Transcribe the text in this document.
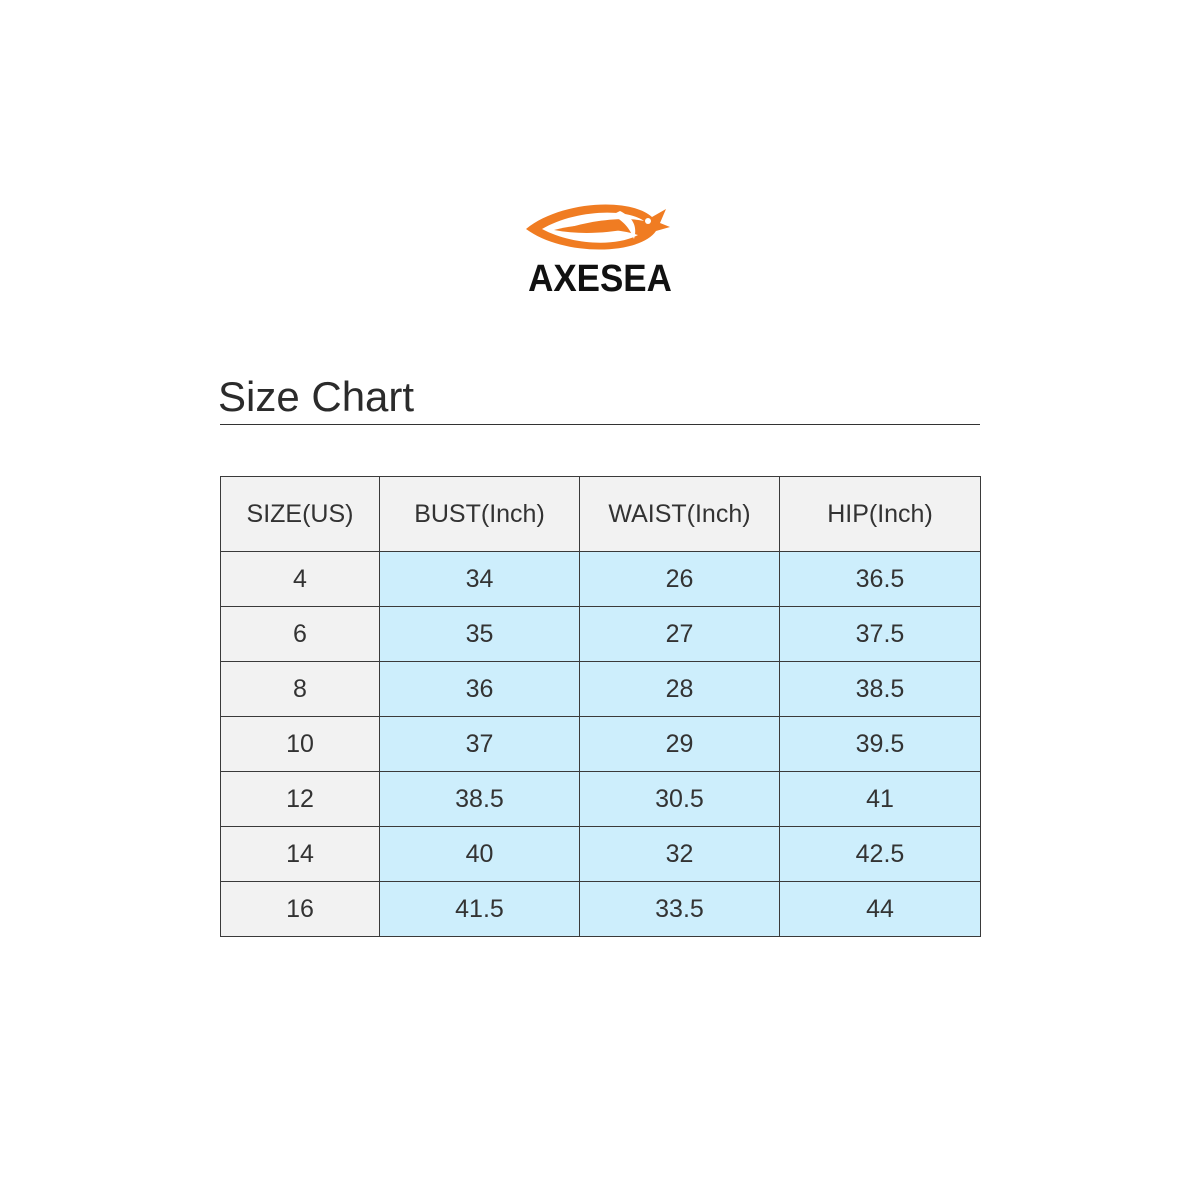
AXESEA
Size Chart
SIZE(US)	BUST(Inch)	WAIST(Inch)	HIP(Inch)
4	34	26	36.5
6	35	27	37.5
8	36	28	38.5
10	37	29	39.5
12	38.5	30.5	41
14	40	32	42.5
16	41.5	33.5	44
